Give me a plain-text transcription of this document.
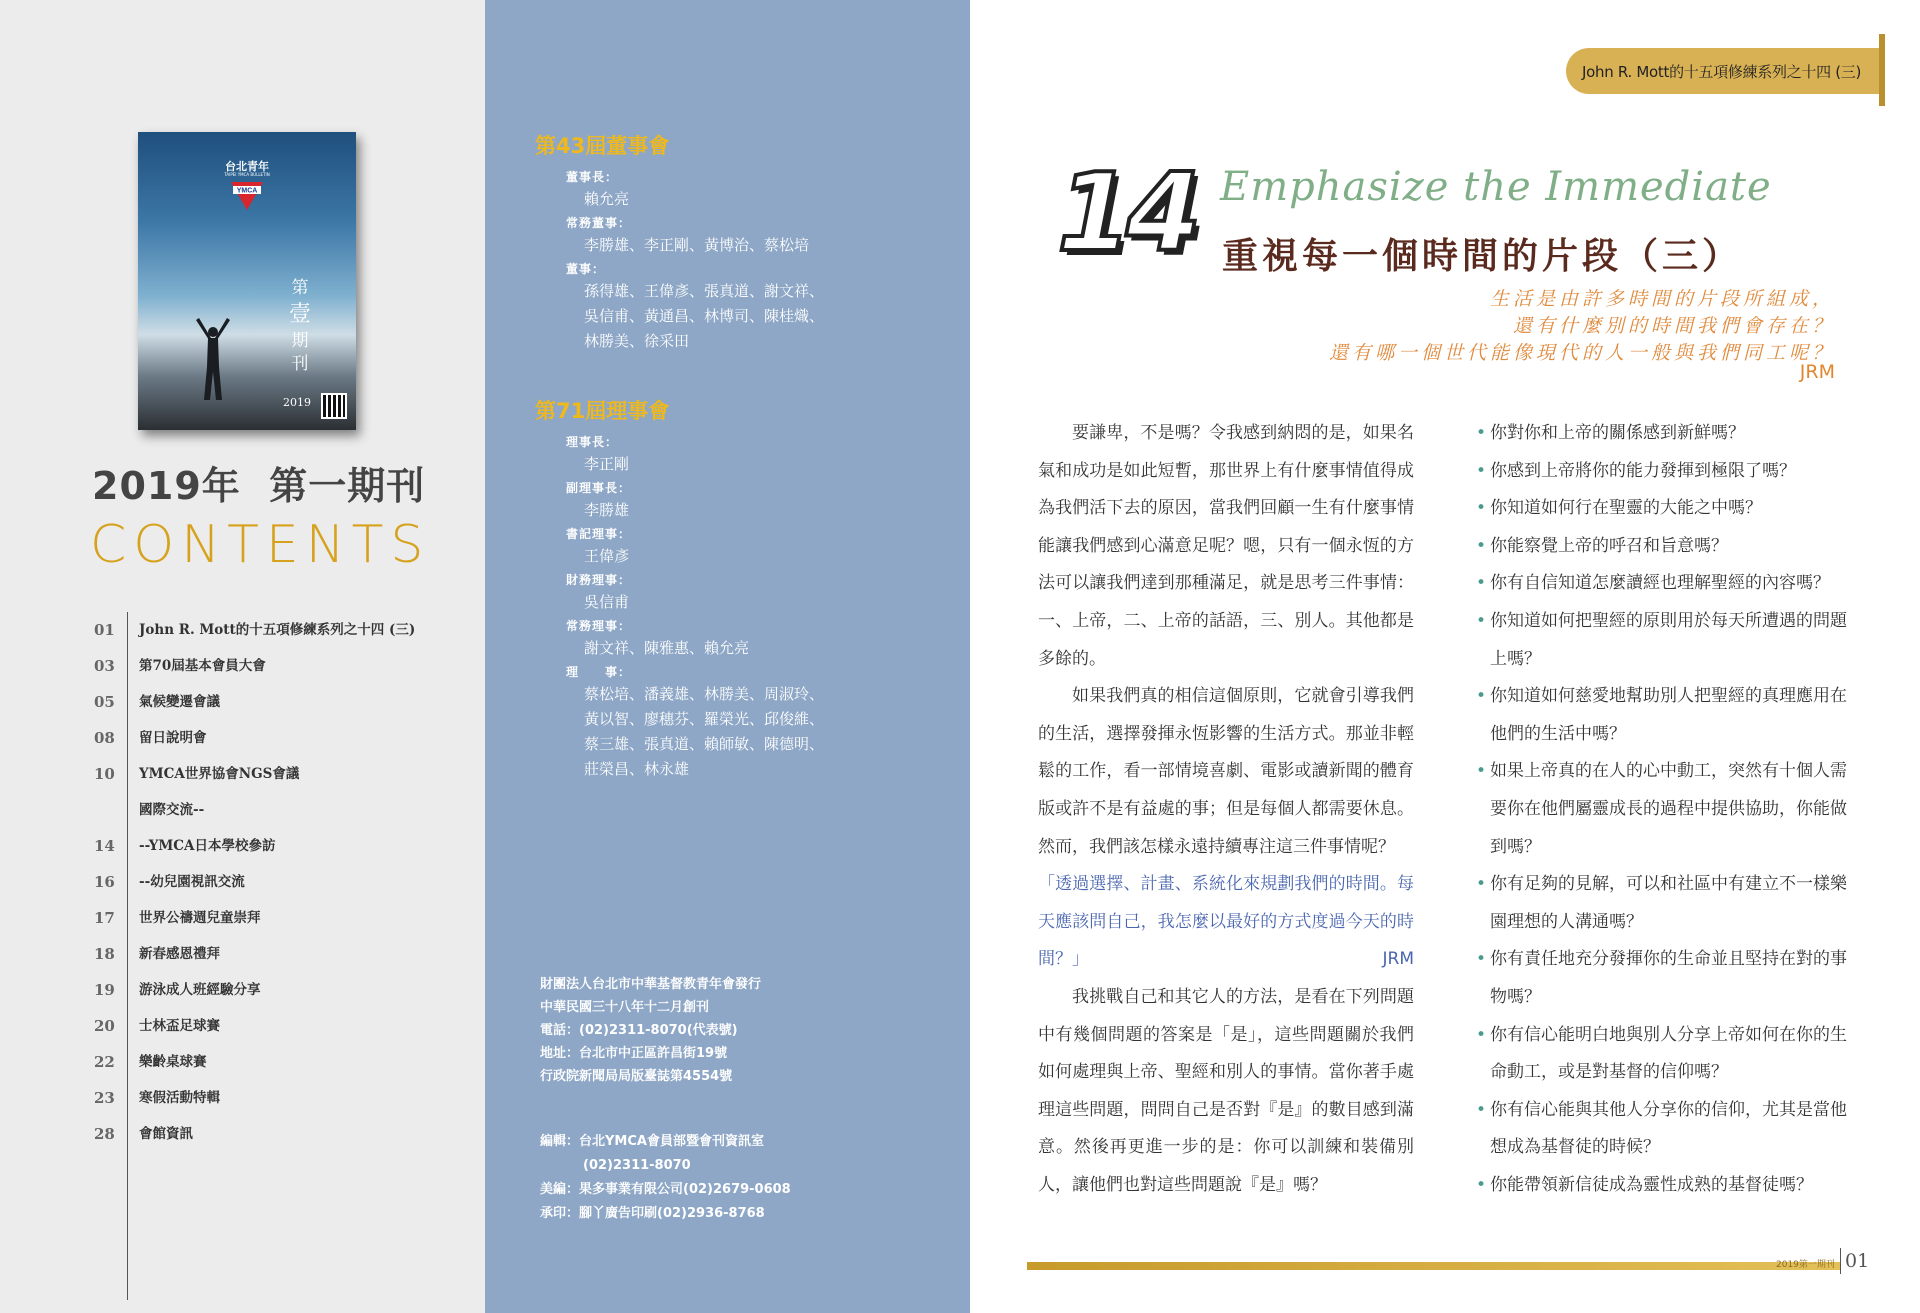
台北青年
TAIPEI YMCA BULLETIN
YMCA
第
壹
期
刊
2019
2019年  第一期刊
CONTENTS
01	John R. Mott的十五項修練系列之十四 (三)
03	第70屆基本會員大會
05	氣候變遷會議
08	留日說明會
10	YMCA世界協會NGS會議
國際交流--
14	--YMCA日本學校參訪
16	--幼兒園視訊交流
17	世界公禱週兒童崇拜
18	新春感恩禮拜
19	游泳成人班經驗分享
20	士林盃足球賽
22	樂齡桌球賽
23	寒假活動特輯
28	會館資訊
第43屆董事會
董事長：
賴允亮
常務董事：
李勝雄、李正剛、黃博治、蔡松培
董事：
孫得雄、王偉彥、張真道、謝文祥、
吳信甫、黃通昌、林博司、陳桂熾、
林勝美、徐采田
第71屆理事會
理事長：
李正剛
副理事長：
李勝雄
書記理事：
王偉彥
財務理事：
吳信甫
常務理事：
謝文祥、陳雅惠、賴允亮
理　　事：
蔡松培、潘義雄、林勝美、周淑玲、
黃以智、廖穗芬、羅榮光、邱俊維、
蔡三雄、張真道、賴師敏、陳德明、
莊榮昌、林永雄
財團法人台北市中華基督教青年會發行
中華民國三十八年十二月創刊
電話：(02)2311-8070(代表號)
地址：台北市中正區許昌街19號
行政院新聞局局版臺誌第4554號
編輯：台北YMCA會員部暨會刊資訊室
(02)2311-8070
美編：果多事業有限公司(02)2679-0608
承印：腳丫廣告印刷(02)2936-8768
John R. Mott的十五項修練系列之十四 (三)
14 Emphasize the Immediate
重視每一個時間的片段（三）
生活是由許多時間的片段所組成，
還有什麼別的時間我們會存在？
還有哪一個世代能像現代的人一般與我們同工呢？
JRM

要謙卑，不是嗎？令我感到納悶的是，如果名氣和成功是如此短暫，那世界上有什麼事情值得成為我們活下去的原因，當我們回顧一生有什麼事情能讓我們感到心滿意足呢？嗯，只有一個永恆的方法可以讓我們達到那種滿足，就是思考三件事情：一、上帝，二、上帝的話語，三、別人。其他都是多餘的。

如果我們真的相信這個原則，它就會引導我們的生活，選擇發揮永恆影響的生活方式。那並非輕鬆的工作，看一部情境喜劇、電影或讀新聞的體育版或許不是有益處的事；但是每個人都需要休息。然而，我們該怎樣永遠持續專注這三件事情呢？

「透過選擇、計畫、系統化來規劃我們的時間。每天應該問自己，我怎麼以最好的方式度過今天的時間？」	JRM

我挑戰自己和其它人的方法，是看在下列問題中有幾個問題的答案是「是」，這些問題關於我們如何處理與上帝、聖經和別人的事情。當你著手處理這些問題，問問自己是否對『是』的數目感到滿意。然後再更進一步的是：你可以訓練和裝備別人，讓他們也對這些問題說『是』嗎？

• 你對你和上帝的關係感到新鮮嗎？
• 你感到上帝將你的能力發揮到極限了嗎？
• 你知道如何行在聖靈的大能之中嗎？
• 你能察覺上帝的呼召和旨意嗎？
• 你有自信知道怎麼讀經也理解聖經的內容嗎？
• 你知道如何把聖經的原則用於每天所遭遇的問題上嗎？
• 你知道如何慈愛地幫助別人把聖經的真理應用在他們的生活中嗎？
• 如果上帝真的在人的心中動工，突然有十個人需要你在他們屬靈成長的過程中提供協助，你能做到嗎？
• 你有足夠的見解，可以和社區中有建立不一樣樂園理想的人溝通嗎？
• 你有責任地充分發揮你的生命並且堅持在對的事物嗎？
• 你有信心能明白地與別人分享上帝如何在你的生命動工，或是對基督的信仰嗎？
• 你有信心能與其他人分享你的信仰，尤其是當他想成為基督徒的時候？
• 你能帶領新信徒成為靈性成熟的基督徒嗎？
2019第一期刊 01
